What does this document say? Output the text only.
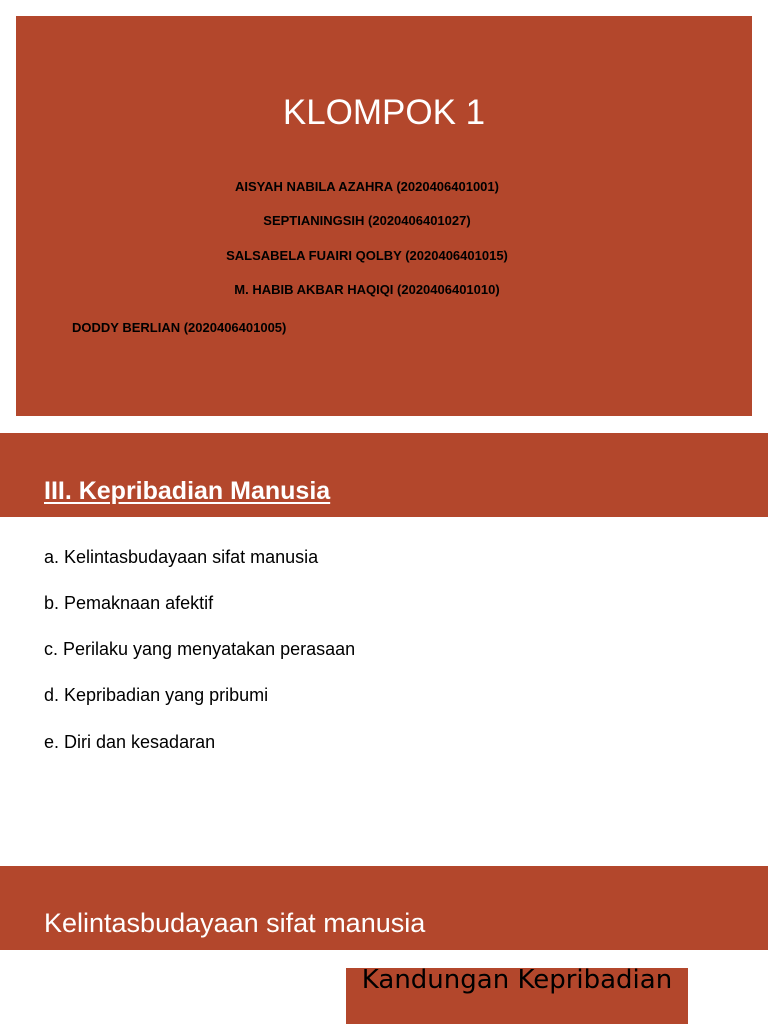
KLOMPOK 1
AISYAH NABILA AZAHRA (2020406401001)
SEPTIANINGSIH (2020406401027)
SALSABELA FUAIRI QOLBY (2020406401015)
M. HABIB AKBAR HAQIQI (2020406401010)
DODDY BERLIAN (2020406401005)
III. Kepribadian Manusia
a. Kelintasbudayaan sifat manusia
b. Pemaknaan afektif
c. Perilaku yang menyatakan perasaan
d. Kepribadian yang pribumi
e. Diri dan kesadaran
Kelintasbudayaan sifat manusia
Kandungan Kepribadian
